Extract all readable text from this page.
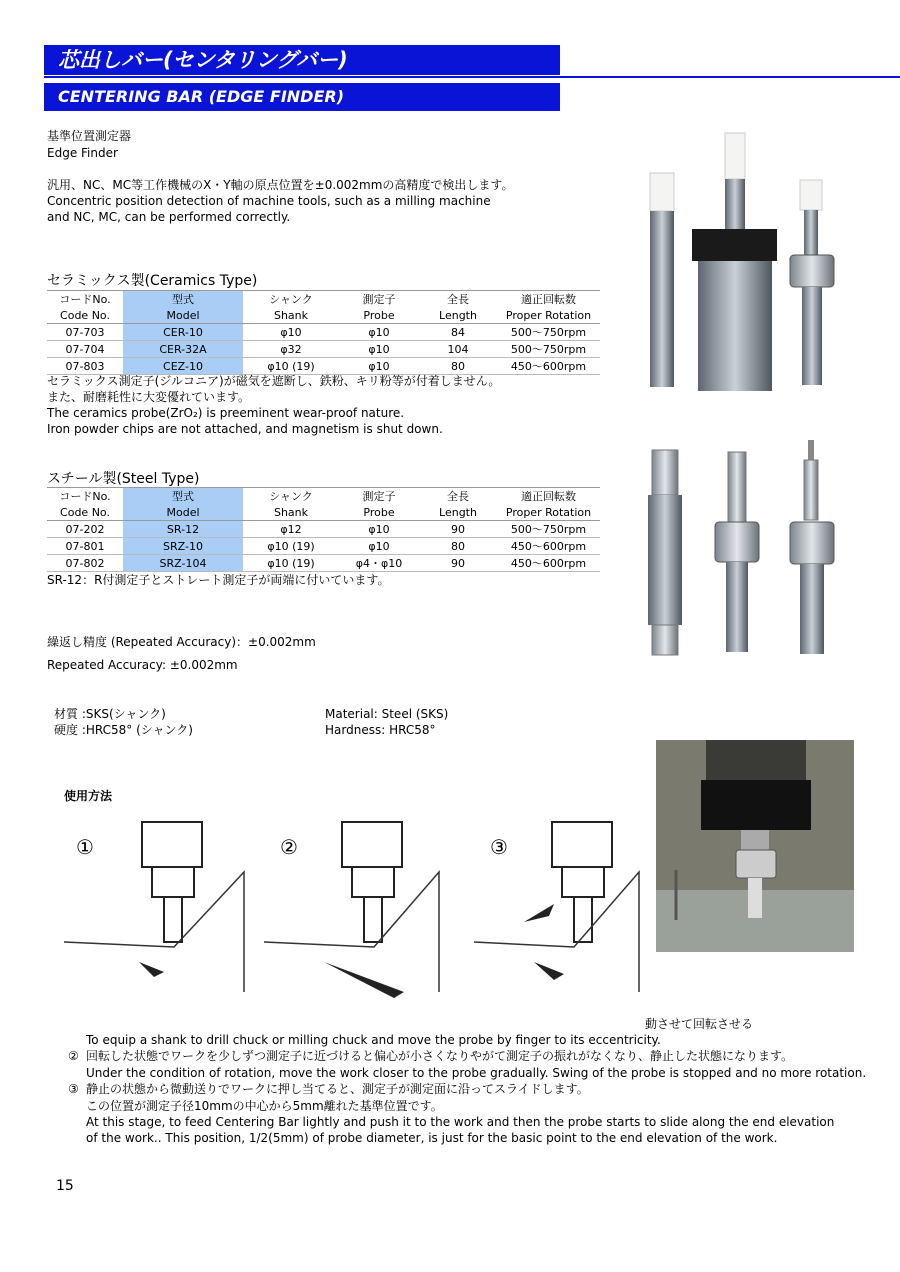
芯出しバー(センタリングバー)
CENTERING BAR (EDGE FINDER)
基準位置測定器
Edge Finder
汎用、NC、MC等工作機械のX・Y軸の原点位置を±0.002mmの高精度で検出します。
Concentric position detection of machine tools, such as a milling machine
and NC, MC, can be performed correctly.
セラミックス製(Ceramics Type)
コードNo.	型式	シャンク	測定子	全長	適正回転数
Code No.	Model	Shank	Probe	Length	Proper Rotation
07-703	CER-10	φ10	φ10	84	500～750rpm
07-704	CER-32A	φ32	φ10	104	500～750rpm
07-803	CEZ-10	φ10 (19)	φ10	80	450～600rpm
セラミックス測定子(ジルコニア)が磁気を遮断し、鉄粉、キリ粉等が付着しません。	C
また、耐磨耗性に大変優れています。
The ceramics probe(ZrO₂) is preeminent wear-proof nature.
Iron powder chips are not attached, and magnetism is shut down.
スチール製(Steel Type)
コードNo.	型式	シャンク	測定子	全長	適正回転数
Code No.	Model	Shank	Probe	Length	Proper Rotation
07-202	SR-12	φ12	φ10	90	500～750rpm
07-801	SRZ-10	φ10 (19)	φ10	80	450～600rpm
07-802	SRZ-104	φ10 (19)	φ4・φ10	90	450～600rpm
SR-12：R付測定子とストレート測定子が両端に付いています。
繰返し精度 (Repeated Accuracy)：±0.002mm
Repeated Accuracy: ±0.002mm
材質 :SKS(シャンク)
硬度 :HRC58° (シャンク)
Material: Steel (SKS)
Hardness: HRC58°
使用方法
①	②	③
動させて回転させる
To equip a shank to drill chuck or milling chuck and move the probe by finger to its eccentricity.
② 回転した状態でワークを少しずつ測定子に近づけると偏心が小さくなりやがて測定子の振れがなくなり、静止した状態になります。
Under the condition of rotation, move the work closer to the probe gradually. Swing of the probe is stopped and no more rotation.
③ 静止の状態から微動送りでワークに押し当てると、測定子が測定面に沿ってスライドします。
この位置が測定子径10mmの中心から5mm離れた基準位置です。
At this stage, to feed Centering Bar lightly and push it to the work and then the probe starts to slide along the end elevation
of the work.. This position, 1/2(5mm) of probe diameter, is just for the basic point to the end elevation of the work.
15
